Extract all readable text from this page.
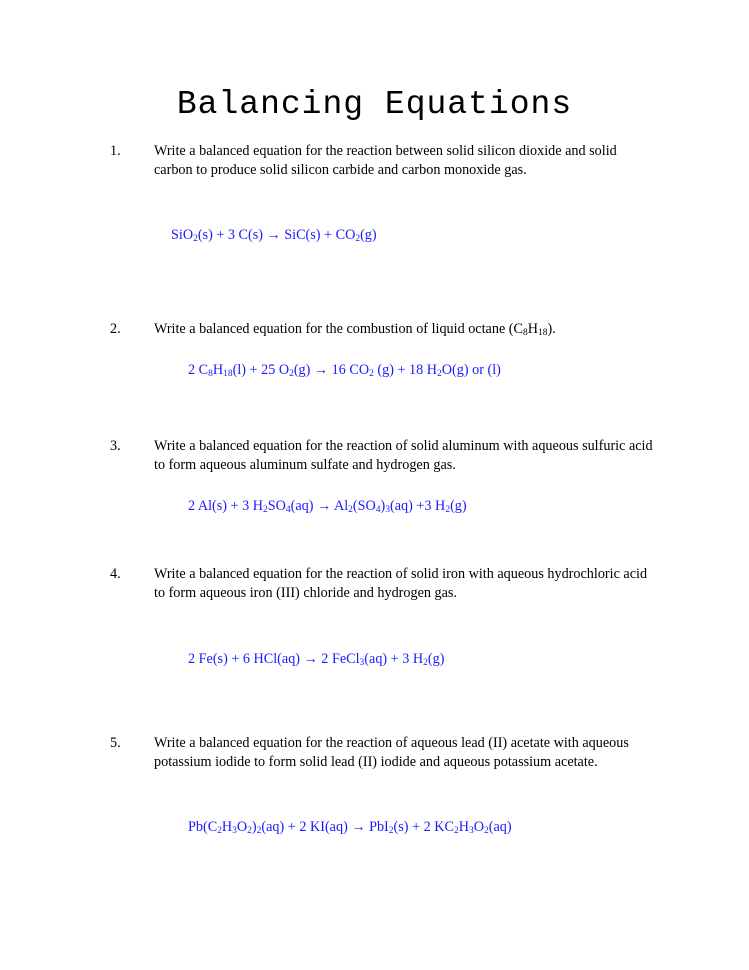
Balancing Equations
1.	Write a balanced equation for the reaction between solid silicon dioxide and solid carbon to produce solid silicon carbide and carbon monoxide gas.
SiO$_2$(s) + 3 $C(s) \to SiC(s) + CO_2(g)$
2.	Write a balanced equation for the combustion of liquid octane $(C_8H_{18})$.
2 $C_8H_{18}(l) + 25$ $O_2(g) \to 16$ $CO_2$ (g) + 18 $H_2O(g)$ or (l)
3.	Write a balanced equation for the reaction of solid aluminum with aqueous sulfuric acid to form aqueous aluminum sulfate and hydrogen gas.
2 Al(s) + 3 $H_2SO_4(aq) \to Al_2(SO_4)_3(aq) +3$ $H_2(g)$
4.	Write a balanced equation for the reaction of solid iron with aqueous hydrochloric acid to form aqueous iron (III) chloride and hydrogen gas.
2 Fe(s) + 6 HCl(aq) → 2 FeCl$_3$(aq) + 3 $H_2(g)$
5.	Write a balanced equation for the reaction of aqueous lead (II) acetate with aqueous potassium iodide to form solid lead (II) iodide and aqueous potassium acetate.
$Pb(C_2H_3O_2)_2(aq) + 2$ KI(aq) → PbI$_2$(s) + 2 $KC_2H_3O_2(aq)$
